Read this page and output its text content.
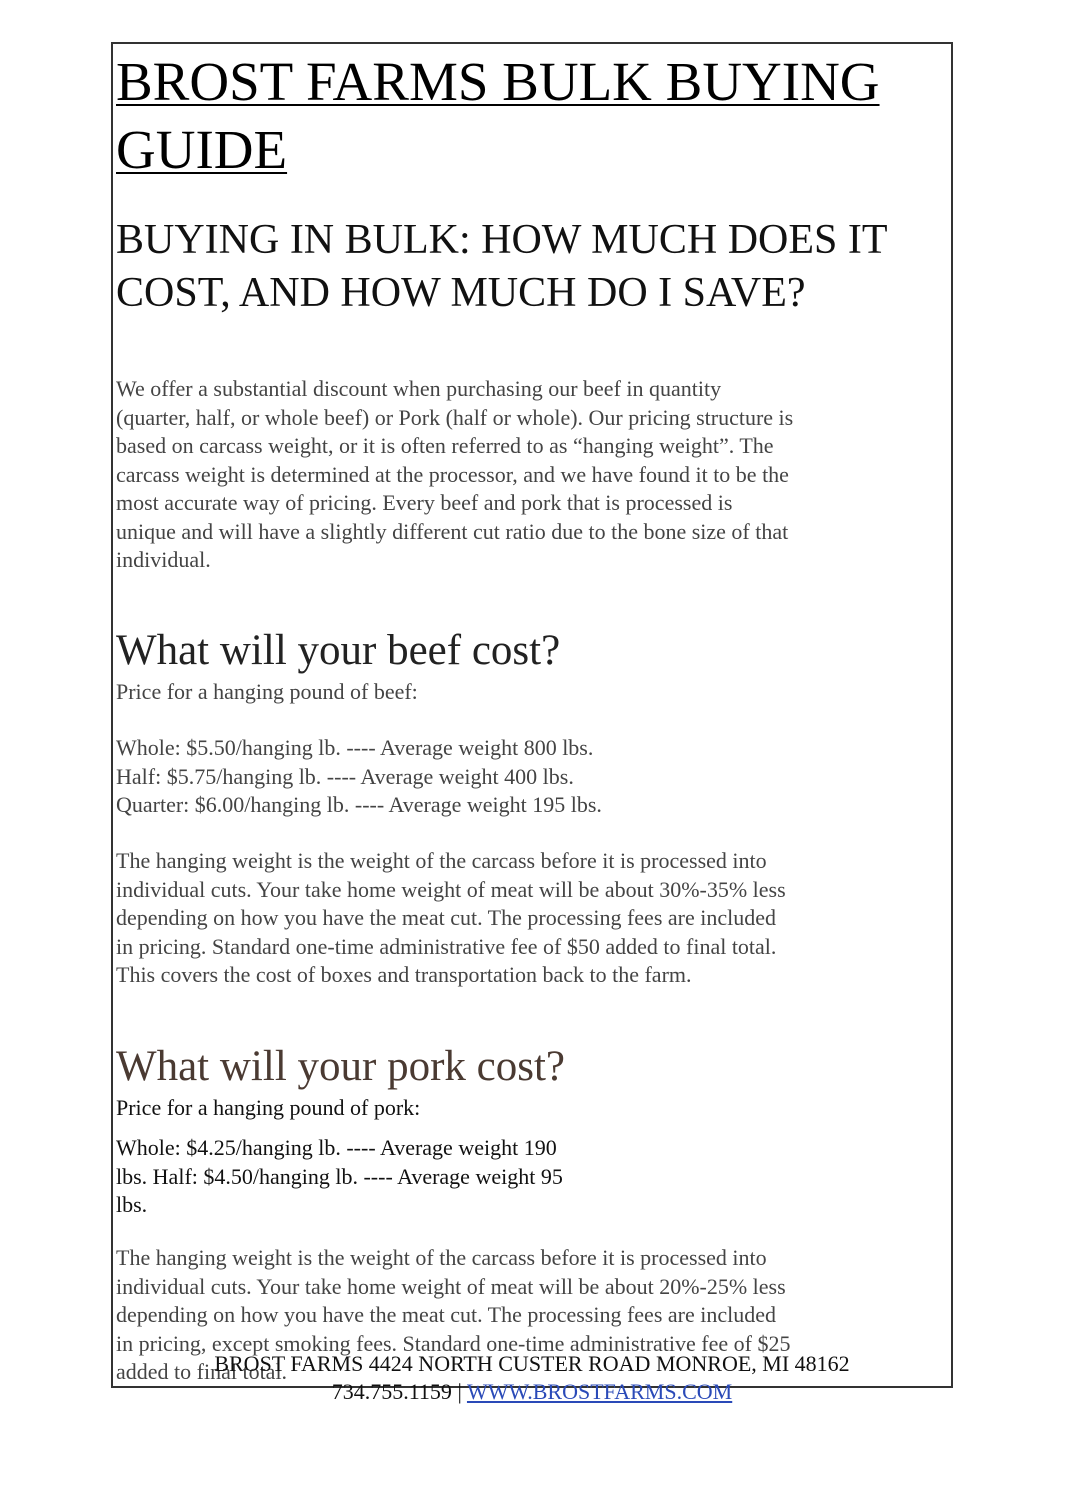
BROST FARMS BULK BUYING GUIDE
BUYING IN BULK: HOW MUCH DOES IT COST, AND HOW MUCH DO I SAVE?
We offer a substantial discount when purchasing our beef in quantity
(quarter, half, or whole beef) or Pork (half or whole). Our pricing structure is
based on carcass weight, or it is often referred to as “hanging weight”. The
carcass weight is determined at the processor, and we have found it to be the
most accurate way of pricing. Every beef and pork that is processed is
unique and will have a slightly different cut ratio due to the bone size of that
individual.
What will your beef cost?
Price for a hanging pound of beef:
Whole: $5.50/hanging lb. ---- Average weight 800 lbs.
Half: $5.75/hanging lb. ---- Average weight 400 lbs.
Quarter: $6.00/hanging lb. ---- Average weight 195 lbs.
The hanging weight is the weight of the carcass before it is processed into
individual cuts. Your take home weight of meat will be about 30%-35% less
depending on how you have the meat cut. The processing fees are included
in pricing. Standard one-time administrative fee of $50 added to final total.
This covers the cost of boxes and transportation back to the farm.
What will your pork cost?
Price for a hanging pound of pork:
Whole: $4.25/hanging lb. ---- Average weight 190
lbs. Half: $4.50/hanging lb. ---- Average weight 95
lbs.
The hanging weight is the weight of the carcass before it is processed into
individual cuts. Your take home weight of meat will be about 20%-25% less
depending on how you have the meat cut. The processing fees are included
in pricing, except smoking fees. Standard one-time administrative fee of $25
added to final total.
BROST FARMS 4424 NORTH CUSTER ROAD MONROE, MI 48162
734.755.1159 | WWW.BROSTFARMS.COM
